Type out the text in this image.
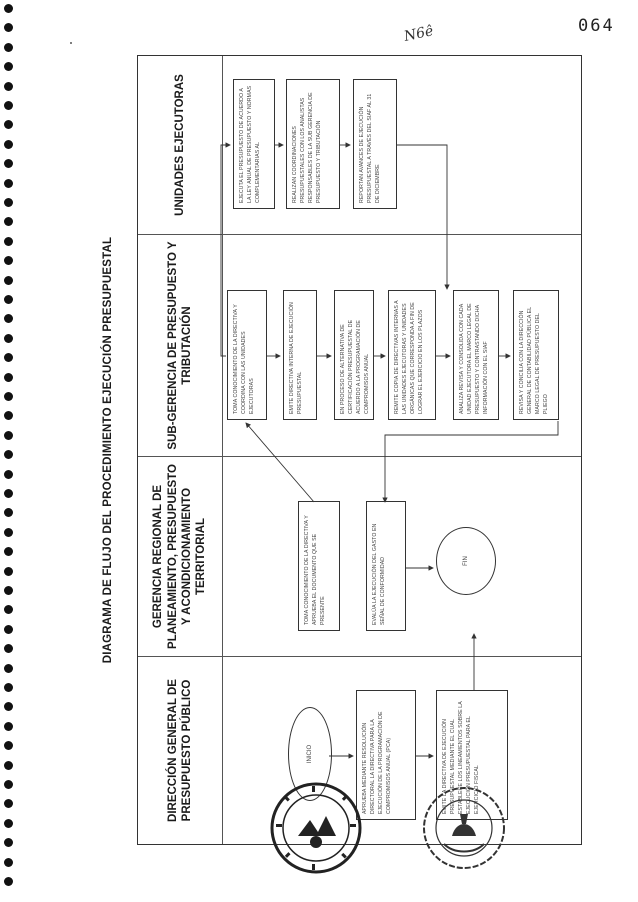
N6ê	064
DIAGRAMA DE FLUJO DEL PROCEDIMIENTO EJECUCIÓN PRESUPUESTAL
DIRECCIÓN GENERAL DE PRESUPUESTO PÚBLICO	INICIO	APRUEBA MEDIANTE RESOLUCIÓN DIRECTORAL LA DIRECTIVA PARA LA EJECUCIÓN DE LA PROGRAMACIÓN DE COMPROMISOS ANUAL (PCA)	EMITE LA DIRECTIVA DE EJECUCIÓN PRESUPUESTAL MEDIANTE EL CUAL ESTABLECE LOS LINEAMIENTOS SOBRE LA EJECUCIÓN PRESUPUESTAL PARA EL EJERCICIO FISCAL
GERENCIA REGIONAL DE PLANEAMIENTO, PRESUPUESTO Y ACONDICIONAMIENTO TERRITORIAL	TOMA CONOCIMIENTO DE LA DIRECTIVA Y APRUEBA EL DOCUMENTO QUE SE PRESENTE	EVALÚA LA EJECUCIÓN DEL GASTO EN SEÑAL DE CONFORMIDAD	FIN
SUB-GERENCIA DE PRESUPUESTO Y TRIBUTACIÓN	TOMA CONOCIMIENTO DE LA DIRECTIVA Y COORDINA CON LAS UNIDADES EJECUTORAS	EMITE DIRECTIVA INTERNA DE EJECUCIÓN PRESUPUESTAL	EN PROCESO DE ALTERNATIVA DE CERTIFICACIÓN PRESUPUESTAL DE ACUERDO A LA PROGRAMACIÓN DE COMPROMISOS ANUAL	REMITE COPIA DE DIRECTIVAS INTERNAS A LAS UNIDADES EJECUTORAS Y UNIDADES ORGÁNICAS QUE CORRESPONDA A FIN DE LOGRAR EL EJERCICIO EN LOS PLAZOS	ANALIZA REVISA Y CONSOLIDA CON CADA UNIDAD EJECUTORA EL MARCO LEGAL DE PRESUPUESTO Y CONTRASTANDO DICHA INFORMACIÓN CON EL SIAF	REVISA Y CONCILIA CON LA DIRECCIÓN GENERAL DE CONTABILIDAD PÚBLICA EL MARCO LEGAL DE PRESUPUESTO DEL PLIEGO
UNIDADES EJECUTORAS	EJECUTA EL PRESUPUESTO DE ACUERDO A LA LEY ANUAL DE PRESUPUESTO Y NORMAS COMPLEMENTARIAS AL	REALIZAN COORDINACIONES PRESUPUESTALES CON LOS ANALISTAS RESPONSABLES DE LA SUB GERENCIA DE PRESUPUESTO Y TRIBUTACIÓN	REPORTAN AVANCES DE EJECUCIÓN PRESUPUESTAL A TRAVÉS DEL SIAF AL 31 DE DICIEMBRE
